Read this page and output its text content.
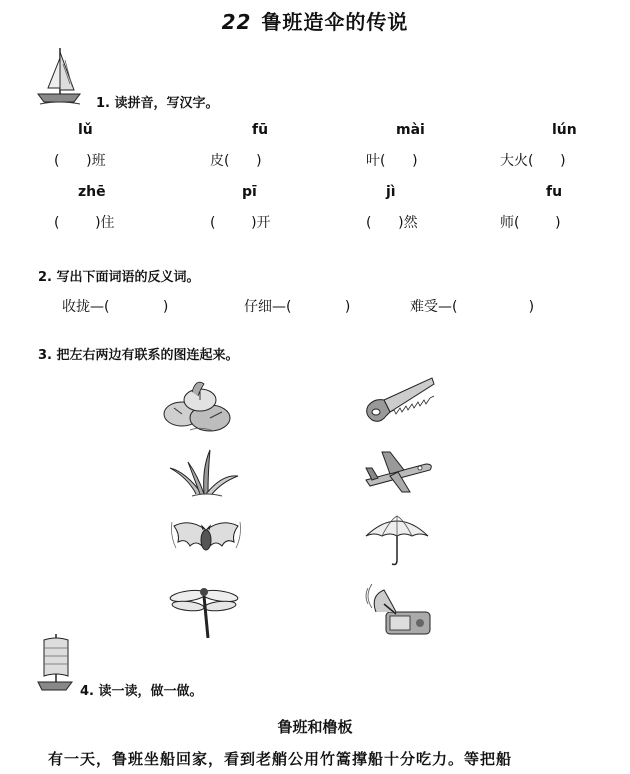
22 鲁班造伞的传说
1. 读拼音，写汉字。
lǔ	fū	mài	lún
(      )班	皮(      )	叶(      )	大火(      )
zhē	pī	jì	fu
(        )住	(        )开	(      )然	师(        )
2. 写出下面词语的反义词。
收拢—(            )	仔细—(            )	难受—(                )
3. 把左右两边有联系的图连起来。
4. 读一读，做一做。
鲁班和橹板
有一天，鲁班坐船回家，看到老艄公用竹篙撑船十分吃力。等把船
